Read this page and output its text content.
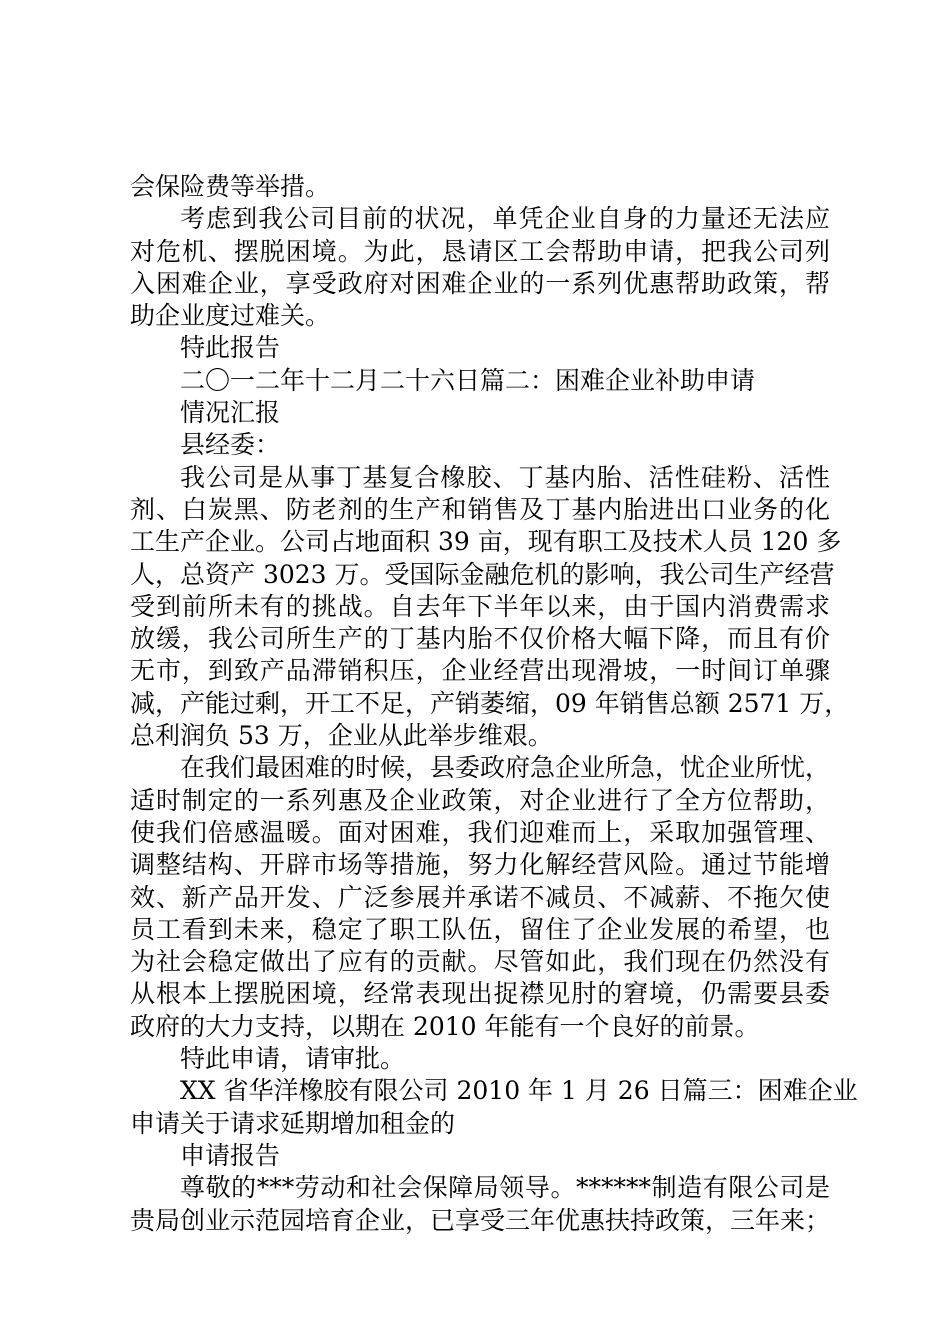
会保险费等举措。
考虑到我公司目前的状况，单凭企业自身的力量还无法应
对危机、摆脱困境。为此，恳请区工会帮助申请，把我公司列
入困难企业，享受政府对困难企业的一系列优惠帮助政策，帮
助企业度过难关。
特此报告
二〇一二年十二月二十六日篇二：困难企业补助申请
情况汇报
县经委：
我公司是从事丁基复合橡胶、丁基内胎、活性硅粉、活性
剂、白炭黑、防老剂的生产和销售及丁基内胎进出口业务的化
工生产企业。公司占地面积 39 亩，现有职工及技术人员 120 多
人，总资产 3023 万。受国际金融危机的影响，我公司生产经营
受到前所未有的挑战。自去年下半年以来，由于国内消费需求
放缓，我公司所生产的丁基内胎不仅价格大幅下降，而且有价
无市，到致产品滞销积压，企业经营出现滑坡，一时间订单骤
减，产能过剩，开工不足，产销萎缩，09 年销售总额 2571 万，
总利润负 53 万，企业从此举步维艰。
在我们最困难的时候，县委政府急企业所急，忧企业所忧，
适时制定的一系列惠及企业政策，对企业进行了全方位帮助，
使我们倍感温暖。面对困难，我们迎难而上，采取加强管理、
调整结构、开辟市场等措施，努力化解经营风险。通过节能增
效、新产品开发、广泛参展并承诺不减员、不减薪、不拖欠使
员工看到未来，稳定了职工队伍，留住了企业发展的希望，也
为社会稳定做出了应有的贡献。尽管如此，我们现在仍然没有
从根本上摆脱困境，经常表现出捉襟见肘的窘境，仍需要县委
政府的大力支持，以期在 2010 年能有一个良好的前景。
特此申请，请审批。
XX 省华洋橡胶有限公司 2010 年 1 月 26 日篇三：困难企业
申请关于请求延期增加租金的
申请报告
尊敬的***劳动和社会保障局领导。******制造有限公司是
贵局创业示范园培育企业，已享受三年优惠扶持政策，三年来；
